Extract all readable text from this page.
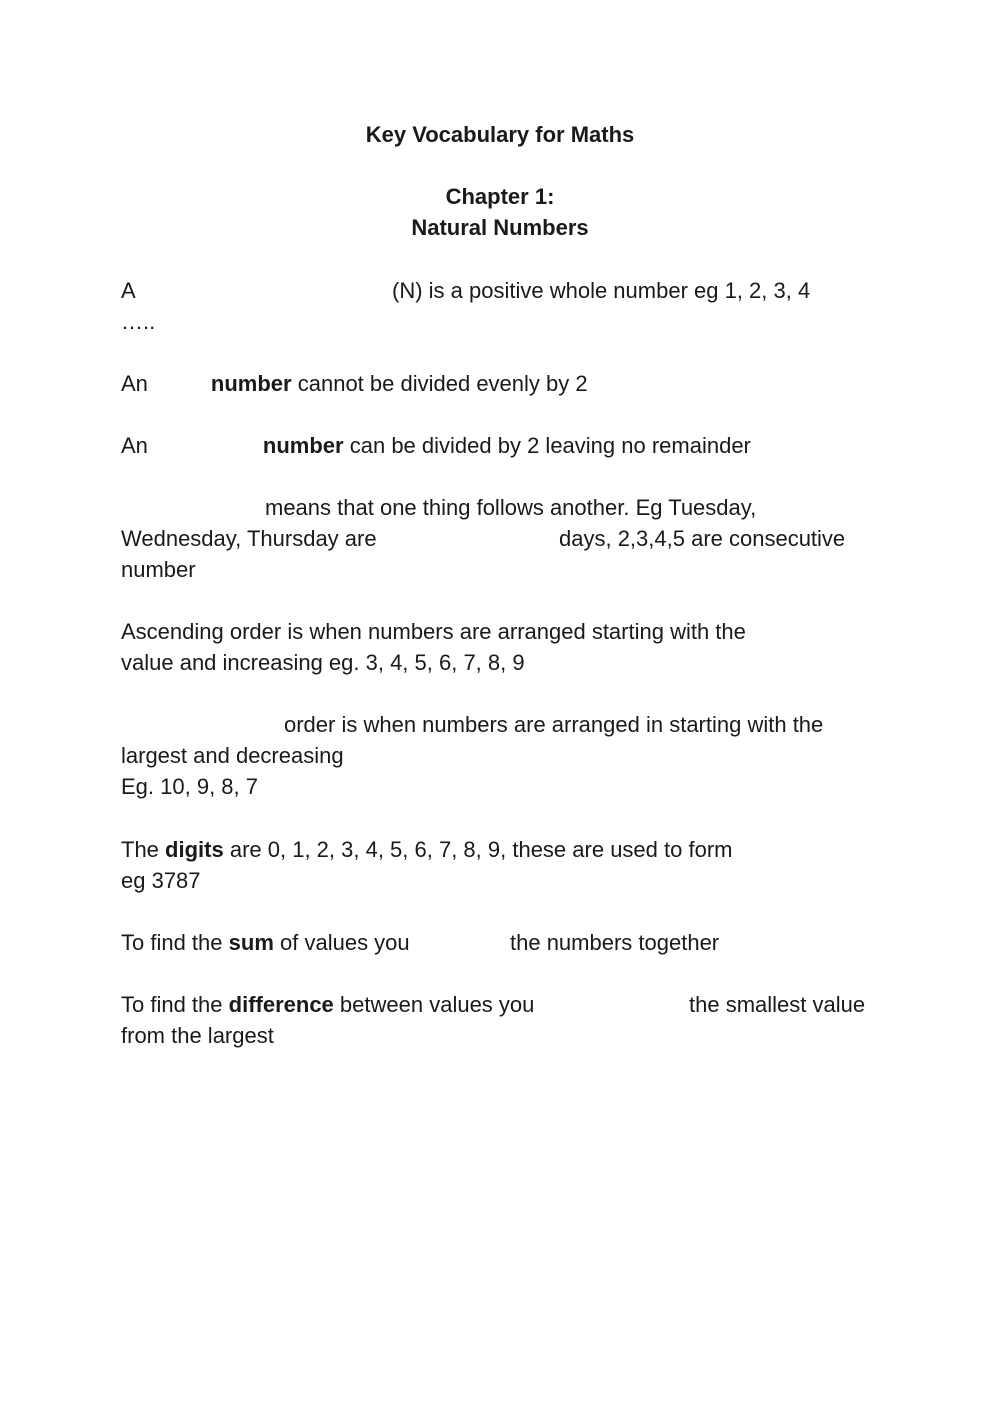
Key Vocabulary for Maths
Chapter 1:
Natural Numbers
A	(N) is a positive whole number eg 1, 2, 3, 4
…..
An	number cannot be divided evenly by 2
An	number can be divided by 2 leaving no remainder
means that one thing follows another. Eg Tuesday,
Wednesday, Thursday are	days, 2,3,4,5 are consecutive
number
Ascending order is when numbers are arranged starting with the
value and increasing eg. 3, 4, 5, 6, 7, 8, 9
order is when numbers are arranged in starting with the
largest and decreasing
Eg. 10, 9, 8, 7
The digits are 0, 1, 2, 3, 4, 5, 6, 7, 8, 9, these are used to form
eg 3787
To find the sum of values you	the numbers together
To find the difference between values you	the smallest value
from the largest
